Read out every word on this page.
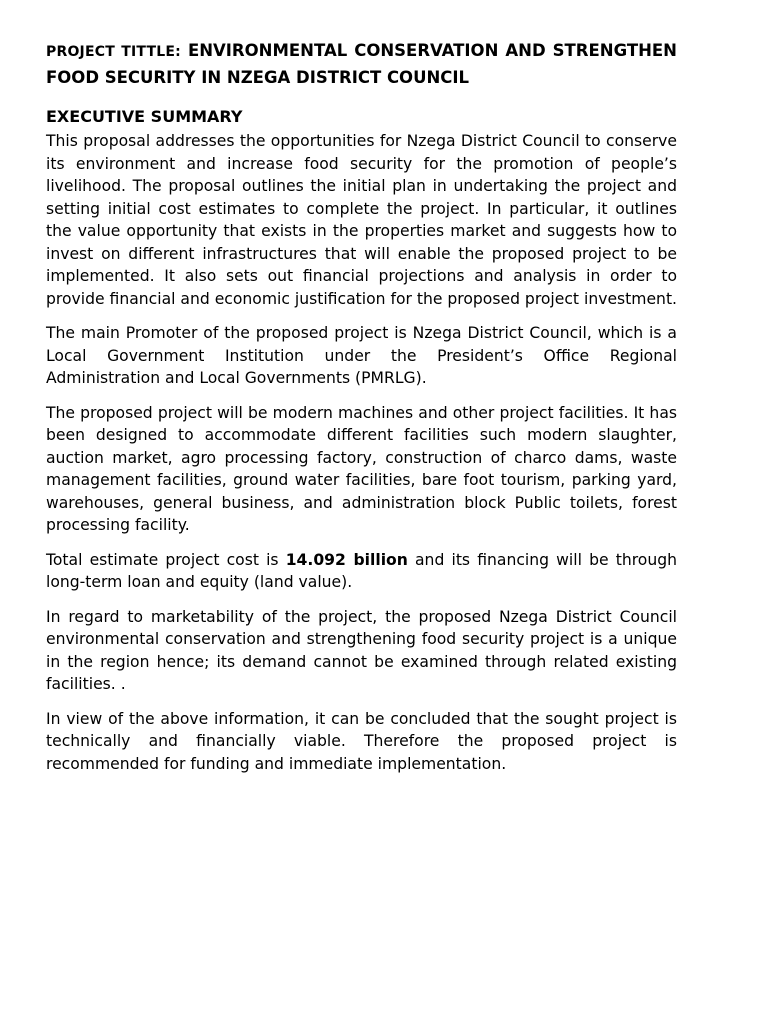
PROJECT TITTLE: ENVIRONMENTAL CONSERVATION AND STRENGTHEN FOOD SECURITY IN NZEGA DISTRICT COUNCIL
EXECUTIVE SUMMARY

This proposal addresses the opportunities for Nzega District Council to conserve its environment and increase food security for the promotion of people’s livelihood. The proposal outlines the initial plan in undertaking the project and setting initial cost estimates to complete the project. In particular, it outlines the value opportunity that exists in the properties market and suggests how to invest on different infrastructures that will enable the proposed project to be implemented. It also sets out financial projections and analysis in order to provide financial and economic justification for the proposed project investment.

The main Promoter of the proposed project is Nzega District Council, which is a Local Government Institution under the President’s Office Regional Administration and Local Governments (PMRLG).

The proposed project will be modern machines and other project facilities. It has been designed to accommodate different facilities such modern slaughter, auction market, agro processing factory, construction of charco dams, waste management facilities, ground water facilities, bare foot tourism, parking yard, warehouses, general business, and administration block Public toilets, forest processing facility.

Total estimate project cost is 14.092 billion and its financing will be through long-term loan and equity (land value).

In regard to marketability of the project, the proposed Nzega District Council environmental conservation and strengthening food security project is a unique in the region hence; its demand cannot be examined through related existing facilities. .

In view of the above information, it can be concluded that the sought project is technically and financially viable. Therefore the proposed project is recommended for funding and immediate implementation.
